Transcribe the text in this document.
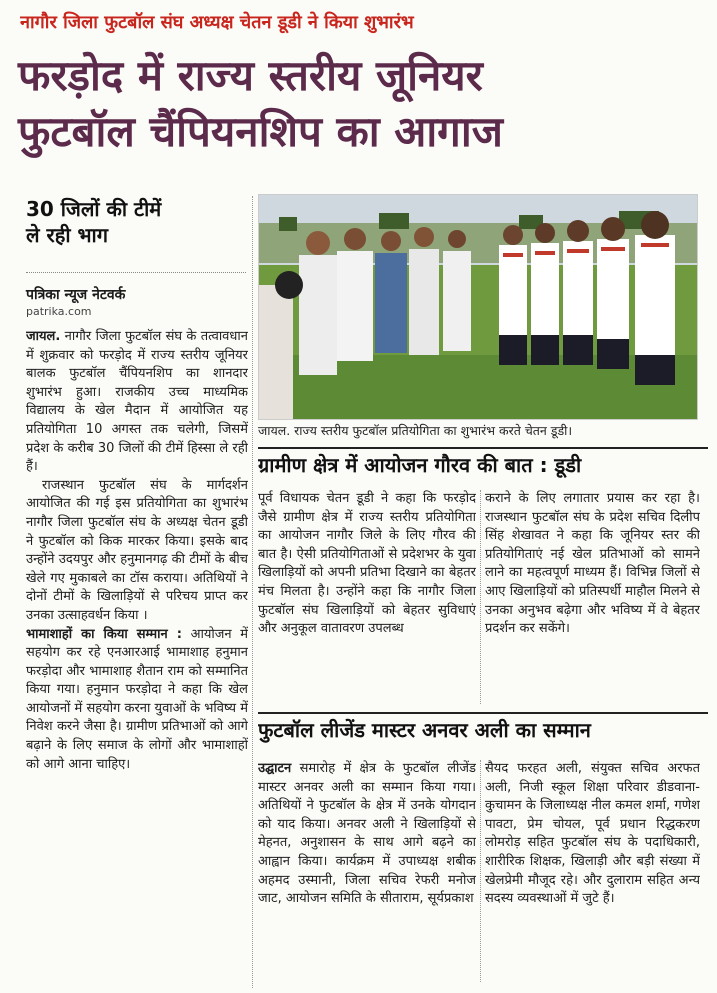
नागौर जिला फुटबॉल संघ अध्यक्ष चेतन डूडी ने किया शुभारंभ
फरड़ोद में राज्य स्तरीय जूनियर
फुटबॉल चैंपियनशिप का आगाज
30 जिलों की टीमें
ले रही भाग
पत्रिका न्यूज नेटवर्क
patrika.com

जायल. नागौर जिला फुटबॉल संघ के तत्वावधान में शुक्रवार को फरड़ोद में राज्य स्तरीय जूनियर बालक फुटबॉल चैंपियनशिप का शानदार शुभारंभ हुआ। राजकीय उच्च माध्यमिक विद्यालय के खेल मैदान में आयोजित यह प्रतियोगिता 10 अगस्त तक चलेगी, जिसमें प्रदेश के करीब 30 जिलों की टीमें हिस्सा ले रही हैं।

राजस्थान फुटबॉल संघ के मार्गदर्शन आयोजित की गई इस प्रतियोगिता का शुभारंभ नागौर जिला फुटबॉल संघ के अध्यक्ष चेतन डूडी ने फुटबॉल को किक मारकर किया। इसके बाद उन्होंने उदयपुर और हनुमानगढ़ की टीमों के बीच खेले गए मुकाबले का टॉस कराया। अतिथियों ने दोनों टीमों के खिलाड़ियों से परिचय प्राप्त कर उनका उत्साहवर्धन किया ।

भामाशाहों का किया सम्मान : आयोजन में सहयोग कर रहे एनआरआई भामाशाह हनुमान फरड़ोदा और भामाशाह शैतान राम को सम्मानित किया गया। हनुमान फरड़ोदा ने कहा कि खेल आयोजनों में सहयोग करना युवाओं के भविष्य में निवेश करने जैसा है। ग्रामीण प्रतिभाओं को आगे बढ़ाने के लिए समाज के लोगों और भामाशाहों को आगे आना चाहिए।

जायल. राज्य स्तरीय फुटबॉल प्रतियोगिता का शुभारंभ करते चेतन डूडी।
ग्रामीण क्षेत्र में आयोजन गौरव की बात : डूडी

पूर्व विधायक चेतन डूडी ने कहा कि फरड़ोद जैसे ग्रामीण क्षेत्र में राज्य स्तरीय प्रतियोगिता का आयोजन नागौर जिले के लिए गौरव की बात है। ऐसी प्रतियोगिताओं से प्रदेशभर के युवा खिलाड़ियों को अपनी प्रतिभा दिखाने का बेहतर मंच मिलता है। उन्होंने कहा कि नागौर जिला फुटबॉल संघ खिलाड़ियों को बेहतर सुविधाएं और अनुकूल वातावरण उपलब्ध

कराने के लिए लगातार प्रयास कर रहा है। राजस्थान फुटबॉल संघ के प्रदेश सचिव दिलीप सिंह शेखावत ने कहा कि जूनियर स्तर की प्रतियोगिताएं नई खेल प्रतिभाओं को सामने लाने का महत्वपूर्ण माध्यम हैं। विभिन्न जिलों से आए खिलाड़ियों को प्रतिस्पर्धी माहौल मिलने से उनका अनुभव बढ़ेगा और भविष्य में वे बेहतर प्रदर्शन कर सकेंगे।

फुटबॉल लीजेंड मास्टर अनवर अली का सम्मान

उद्घाटन समारोह में क्षेत्र के फुटबॉल लीजेंड मास्टर अनवर अली का सम्मान किया गया। अतिथियों ने फुटबॉल के क्षेत्र में उनके योगदान को याद किया। अनवर अली ने खिलाड़ियों से मेहनत, अनुशासन के साथ आगे बढ़ने का आह्वान किया। कार्यक्रम में उपाध्यक्ष शबीक अहमद उस्मानी, जिला सचिव रेफरी मनोज जाट, आयोजन समिति के सीताराम, सूर्यप्रकाश

सैयद फरहत अली, संयुक्त सचिव अरफत अली, निजी स्कूल शिक्षा परिवार डीडवाना-कुचामन के जिलाध्यक्ष नील कमल शर्मा, गणेश पावटा, प्रेम चोयल, पूर्व प्रधान रिद्धकरण लोमरोड़ सहित फुटबॉल संघ के पदाधिकारी, शारीरिक शिक्षक, खिलाड़ी और बड़ी संख्या में खेलप्रेमी मौजूद रहे। और दुलाराम सहित अन्य सदस्य व्यवस्थाओं में जुटे हैं।
